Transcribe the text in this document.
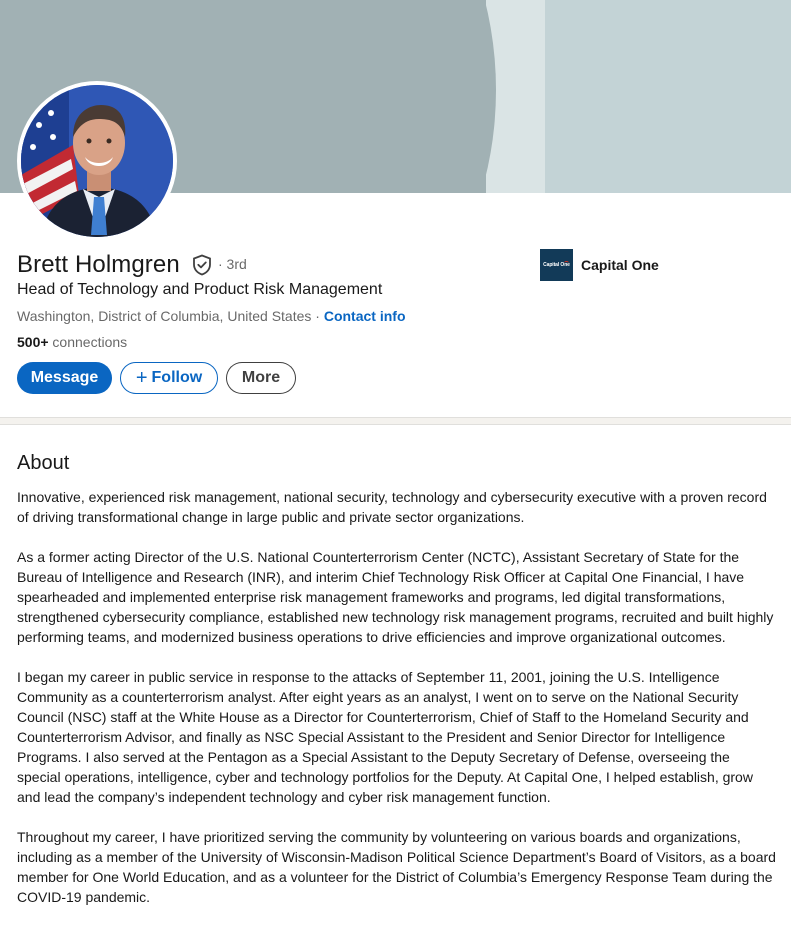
Brett Holmgren	· 3rd
Head of Technology and Product Risk Management
Washington, District of Columbia, United States · Contact info
500+ connections
Message	+ Follow	More
Capital One Capital One
About

Innovative, experienced risk management, national security, technology and cybersecurity executive with a proven record of driving transformational change in large public and private sector organizations.

As a former acting Director of the U.S. National Counterterrorism Center (NCTC), Assistant Secretary of State for the Bureau of Intelligence and Research (INR), and interim Chief Technology Risk Officer at Capital One Financial, I have spearheaded and implemented enterprise risk management frameworks and programs, led digital transformations, strengthened cybersecurity compliance, established new technology risk management programs, recruited and built highly performing teams, and modernized business operations to drive efficiencies and improve organizational outcomes.

I began my career in public service in response to the attacks of September 11, 2001, joining the U.S. Intelligence Community as a counterterrorism analyst. After eight years as an analyst, I went on to serve on the National Security Council (NSC) staff at the White House as a Director for Counterterrorism, Chief of Staff to the Homeland Security and Counterterrorism Advisor, and finally as NSC Special Assistant to the President and Senior Director for Intelligence Programs. I also served at the Pentagon as a Special Assistant to the Deputy Secretary of Defense, overseeing the special operations, intelligence, cyber and technology portfolios for the Deputy. At Capital One, I helped establish, grow and lead the company’s independent technology and cyber risk management function.

Throughout my career, I have prioritized serving the community by volunteering on various boards and organizations, including as a member of the University of Wisconsin-Madison Political Science Department’s Board of Visitors, as a board member for One World Education, and as a volunteer for the District of Columbia’s Emergency Response Team during the COVID-19 pandemic.
